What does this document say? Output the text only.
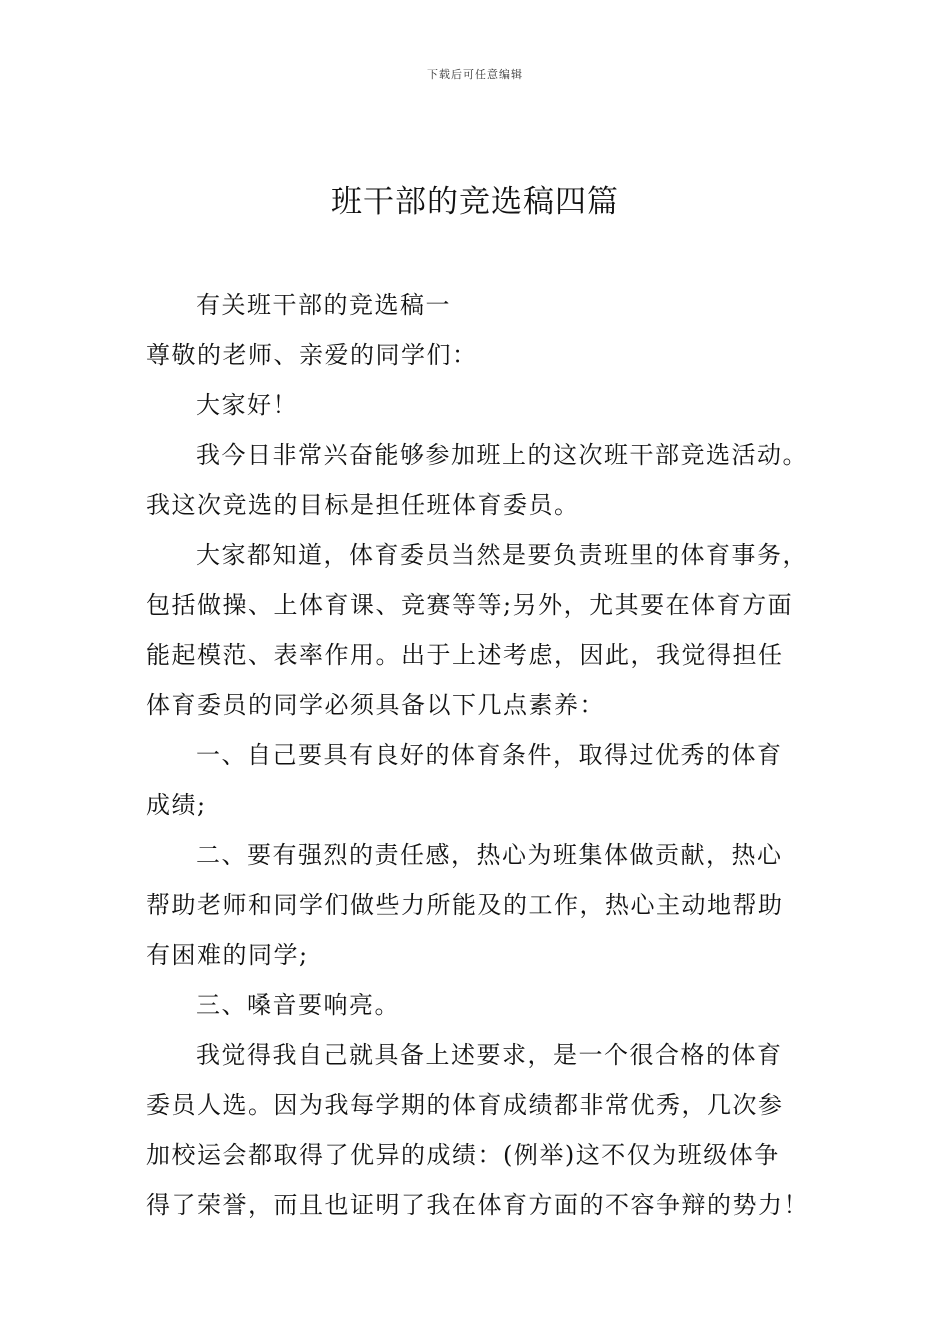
下载后可任意编辑
班干部的竞选稿四篇
有关班干部的竞选稿一
尊敬的老师、亲爱的同学们：
大家好！
我今日非常兴奋能够参加班上的这次班干部竞选活动。
我这次竞选的目标是担任班体育委员。
大家都知道，体育委员当然是要负责班里的体育事务，
包括做操、上体育课、竞赛等等;另外，尤其要在体育方面
能起模范、表率作用。出于上述考虑，因此，我觉得担任
体育委员的同学必须具备以下几点素养：
一、自己要具有良好的体育条件，取得过优秀的体育
成绩;
二、要有强烈的责任感，热心为班集体做贡献，热心
帮助老师和同学们做些力所能及的工作，热心主动地帮助
有困难的同学;
三、嗓音要响亮。
我觉得我自己就具备上述要求，是一个很合格的体育
委员人选。因为我每学期的体育成绩都非常优秀，几次参
加校运会都取得了优异的成绩：(例举)这不仅为班级体争
得了荣誉，而且也证明了我在体育方面的不容争辩的势力！
